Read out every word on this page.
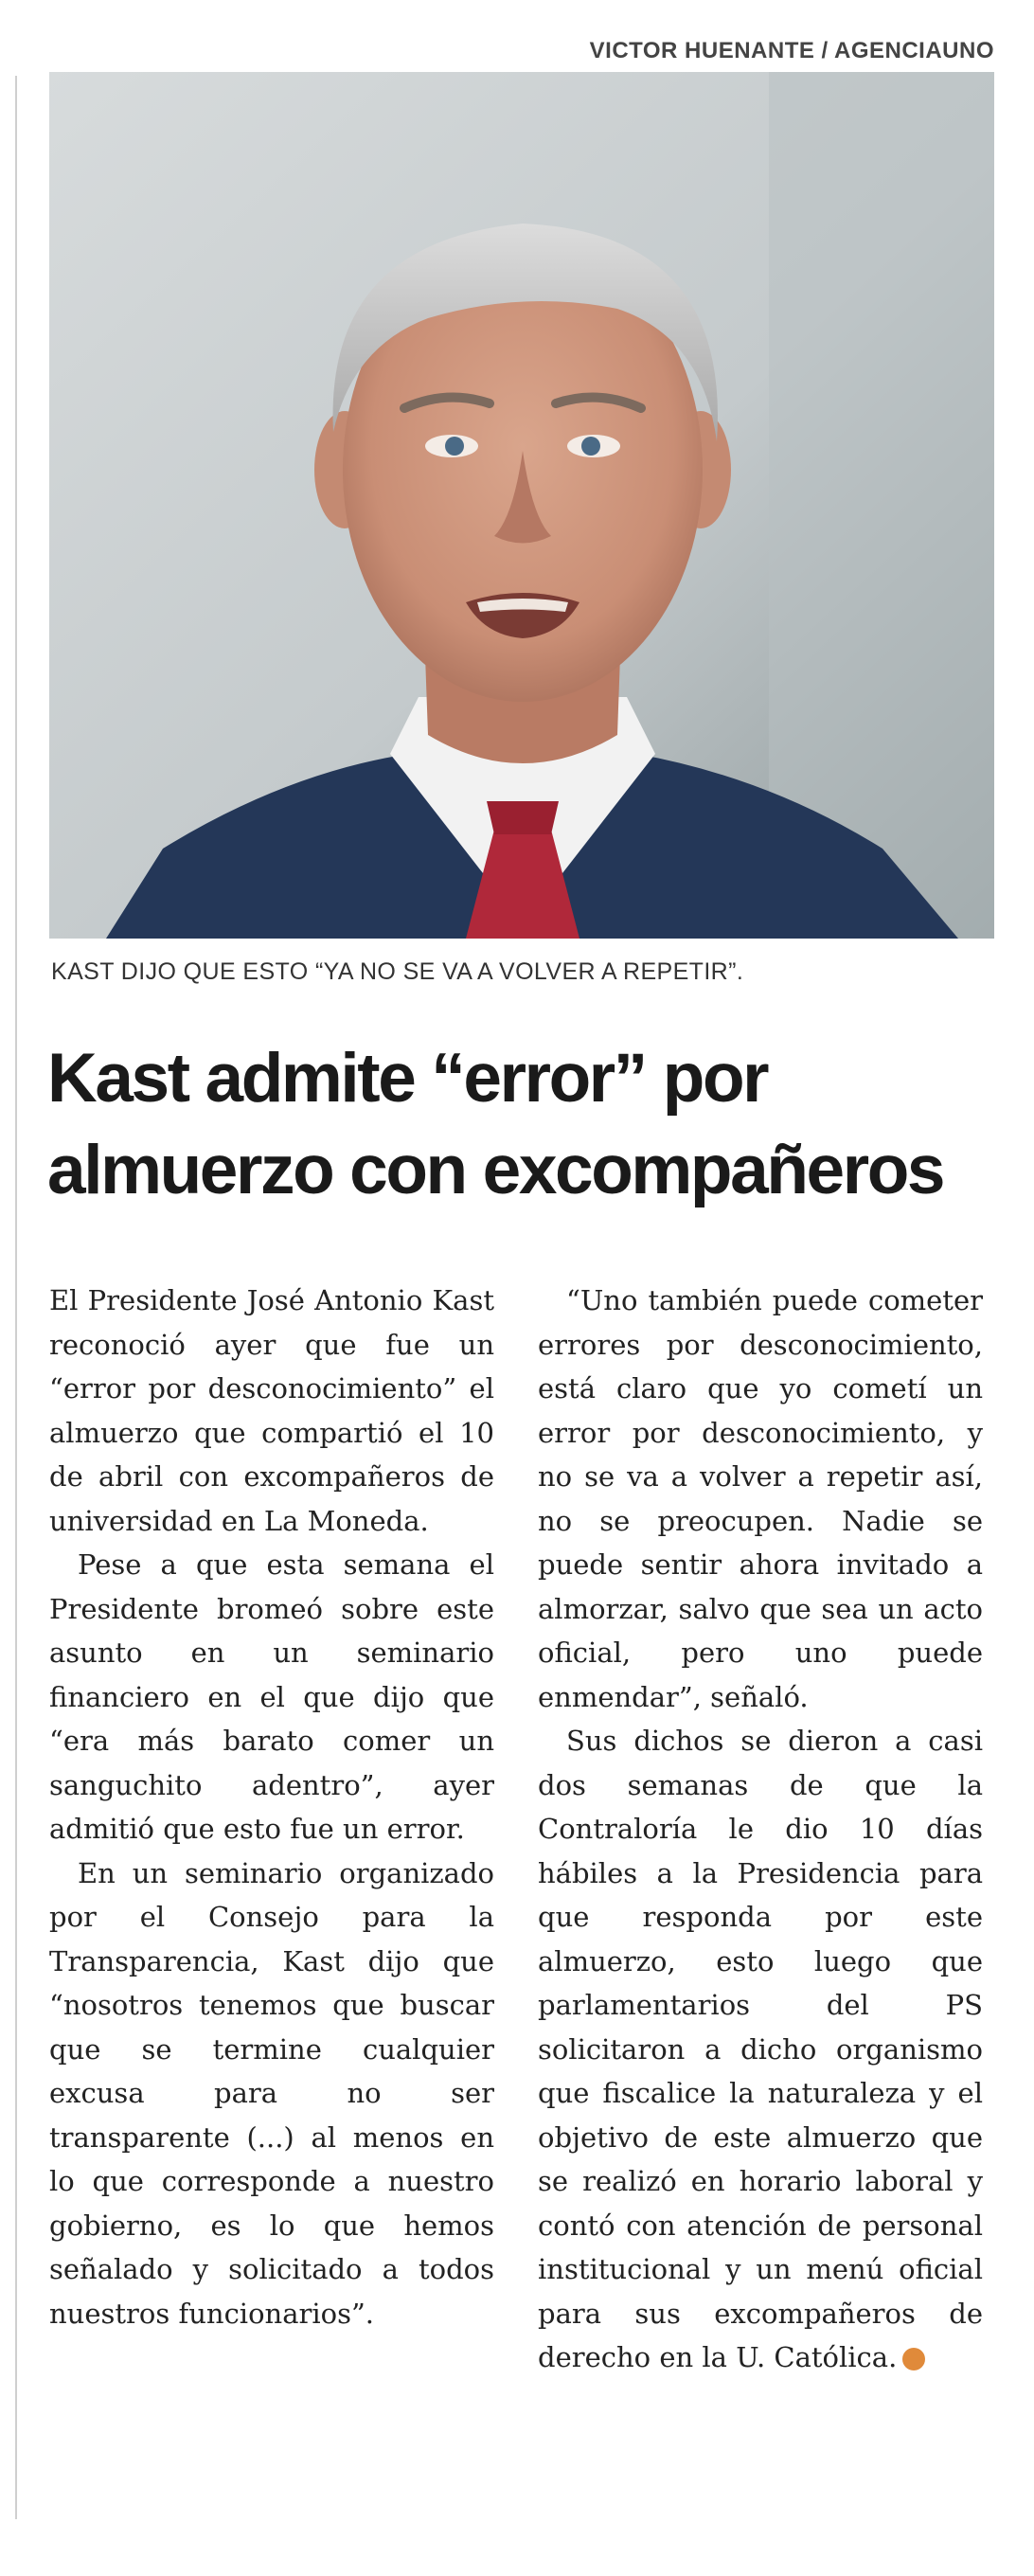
VICTOR HUENANTE / AGENCIAUNO
KAST DIJO QUE ESTO “YA NO SE VA A VOLVER A REPETIR”.
Kast admite “error” por
almuerzo con excompañeros

El Presidente José Antonio Kast reconoció ayer que fue un “error por desconocimiento” el almuerzo que compartió el 10 de abril con excompañeros de universidad en La Moneda.

Pese a que esta semana el Presidente bromeó sobre este asunto en un seminario financiero en el que dijo que “era más barato comer un sanguchito adentro”, ayer admitió que esto fue un error.

En un seminario organizado por el Consejo para la Transparencia, Kast dijo que “nosotros tenemos que buscar que se termine cualquier excusa para no ser transparente (...) al menos en lo que corresponde a nuestro gobierno, es lo que hemos señalado y solicitado a todos nuestros funcionarios”.

“Uno también puede cometer errores por desconocimiento, está claro que yo cometí un error por desconocimiento, y no se va a volver a repetir así, no se preocupen. Nadie se puede sentir ahora invitado a almorzar, salvo que sea un acto oficial, pero uno puede enmendar”, señaló.

Sus dichos se dieron a casi dos semanas de que la Contraloría le dio 10 días hábiles a la Presidencia para que responda por este almuerzo, esto luego que parlamentarios del PS solicitaron a dicho organismo que fiscalice la naturaleza y el objetivo de este almuerzo que se realizó en horario laboral y contó con atención de personal institucional y un menú oficial para sus excompañeros de derecho en la U. Católica. ✪
